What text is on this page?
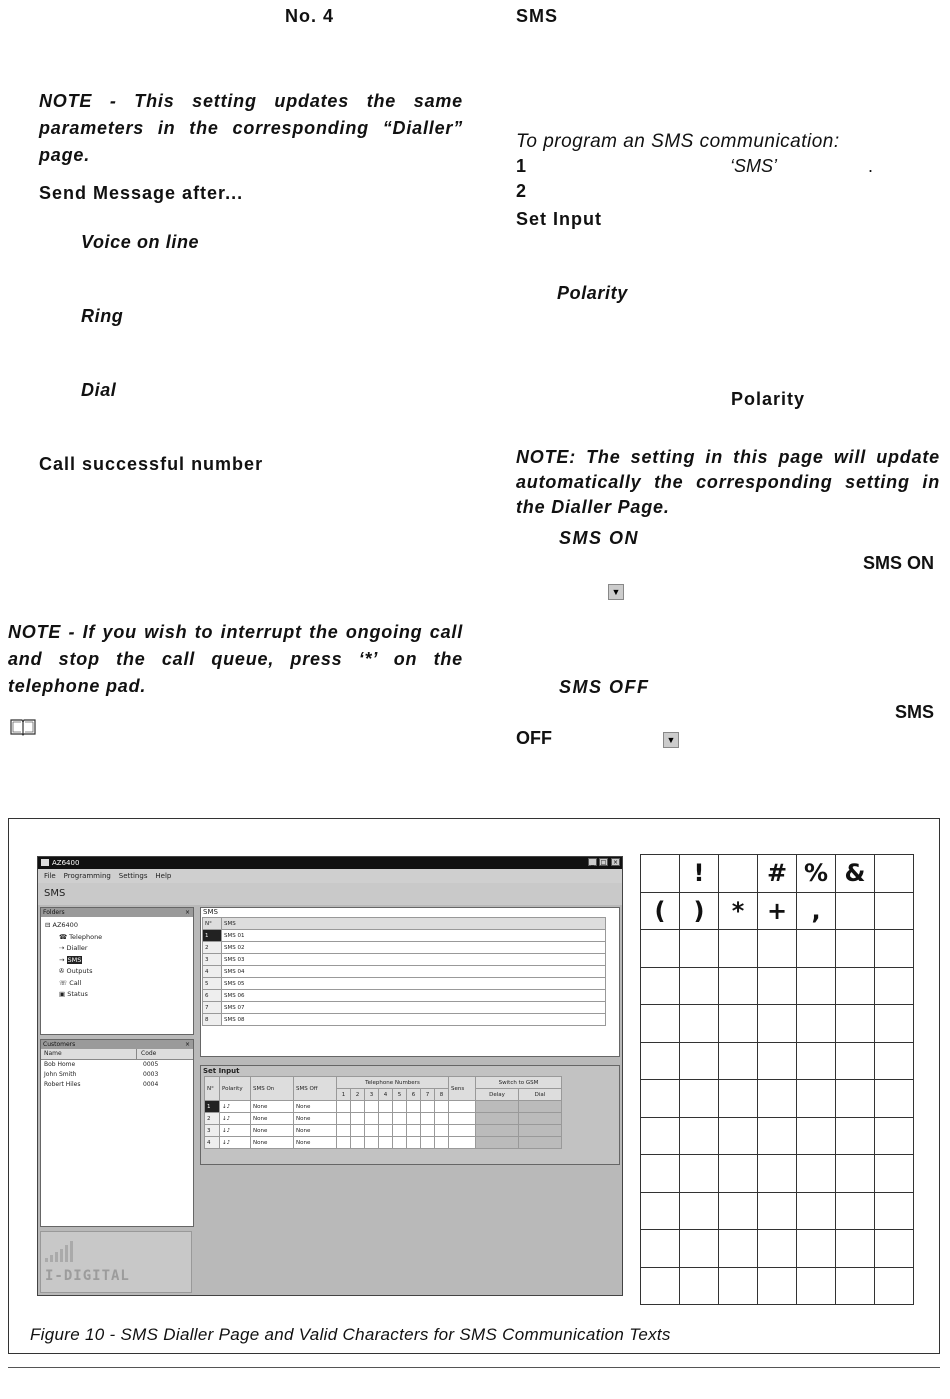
No. 4	SMS
NOTE - This setting updates the same parameters in the corresponding “Dialler” page.
Send Message after...
Voice on line
Ring
Dial
Call successful number
NOTE - If you wish to interrupt the ongoing call and stop the call queue, press ‘*’ on the telephone pad.
To program an SMS communication:
1	‘SMS’	.
2
Set Input
Polarity
Polarity
NOTE: The setting in this page will update automatically the corresponding setting in the Dialler Page.
SMS ON
SMS ON
▼
SMS OFF
SMS
OFF	▼
AZ6400	_	□	×
File Programming Settings Help
SMS
Folders	×
⊟ AZ6400
☎ Telephone
⇢ Dialler
→ SMS
✇ Outputs
☏ Call
▣ Status
Customers	×
Name	Code
Bob Home	0005
John Smith	0003
Robert Hiles	0004
I-DIGITAL
SMS
N°	SMS
1	SMS 01
2	SMS 02
3	SMS 03
4	SMS 04
5	SMS 05
6	SMS 06
7	SMS 07
8	SMS 08
Set Input
N°	Polarity	SMS On	SMS Off	Telephone Numbers								Sens	Switch to GSM	
				1	2	3	4	5	6	7	8		Delay	Dial
1	↓♪	None	None											
2	↓♪	None	None											
3	↓♪	None	None											
4	↓♪	None	None											
	!		#	%	&	
(	)	*	+	,		

Figure 10 - SMS Dialler Page and Valid Characters for SMS Communication Texts
